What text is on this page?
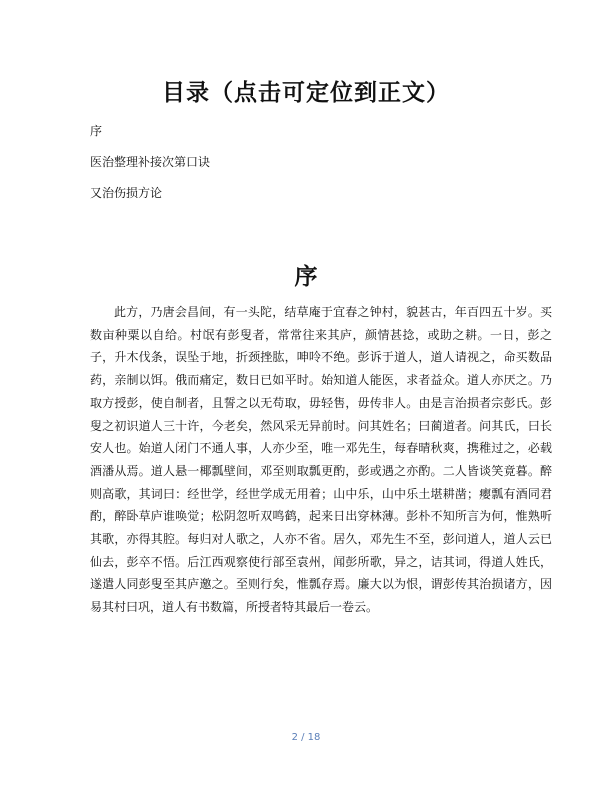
目录（点击可定位到正文）
序
医治整理补接次第口诀
又治伤损方论
序

此方，乃唐会昌间，有一头陀，结草庵于宜春之钟村，貌甚古，年百四五十岁。买数亩种粟以自给。村氓有彭叟者，常常往来其庐，颜情甚捻，或助之耕。一日，彭之子，升木伐条，误坠于地，折颈挫肱，呻呤不绝。彭诉于道人，道人请视之，命买数品药，亲制以饵。俄而痛定，数日已如平时。始知道人能医，求者益众。道人亦厌之。乃取方授彭，使自制者，且誓之以无苟取，毋轻售，毋传非人。由是言治损者宗彭氏。彭叟之初识道人三十许，今老矣，然风采无异前时。问其姓名；曰蔺道者。问其氏，曰长安人也。始道人闭门不通人事，人亦少至，唯一邓先生，每春晴秋爽，携稚过之，必载酒潘从焉。道人悬一椰瓢壁间，邓至则取瓢更酌，彭或遇之亦酌。二人皆谈笑竟暮。醉则高歌，其词曰：经世学，经世学成无用着；山中乐，山中乐土堪耕凿；瘿瓢有酒同君酌，醉卧草庐谁唤觉；松阴忽听双鸣鹤，起来日出穿林薄。彭朴不知所言为何，惟熟听其歌，亦得其腔。每归对人歌之，人亦不省。居久，邓先生不至，彭问道人，道人云已仙去，彭卒不悟。后江西观察使行部至袁州，闻彭所歌，异之，诘其词，得道人姓氏，遂遣人同彭叟至其庐邀之。至则行矣，惟瓢存焉。廉大以为恨，谓彭传其治损诸方，因易其村曰巩，道人有书数篇，所授者特其最后一卷云。

2 / 18
